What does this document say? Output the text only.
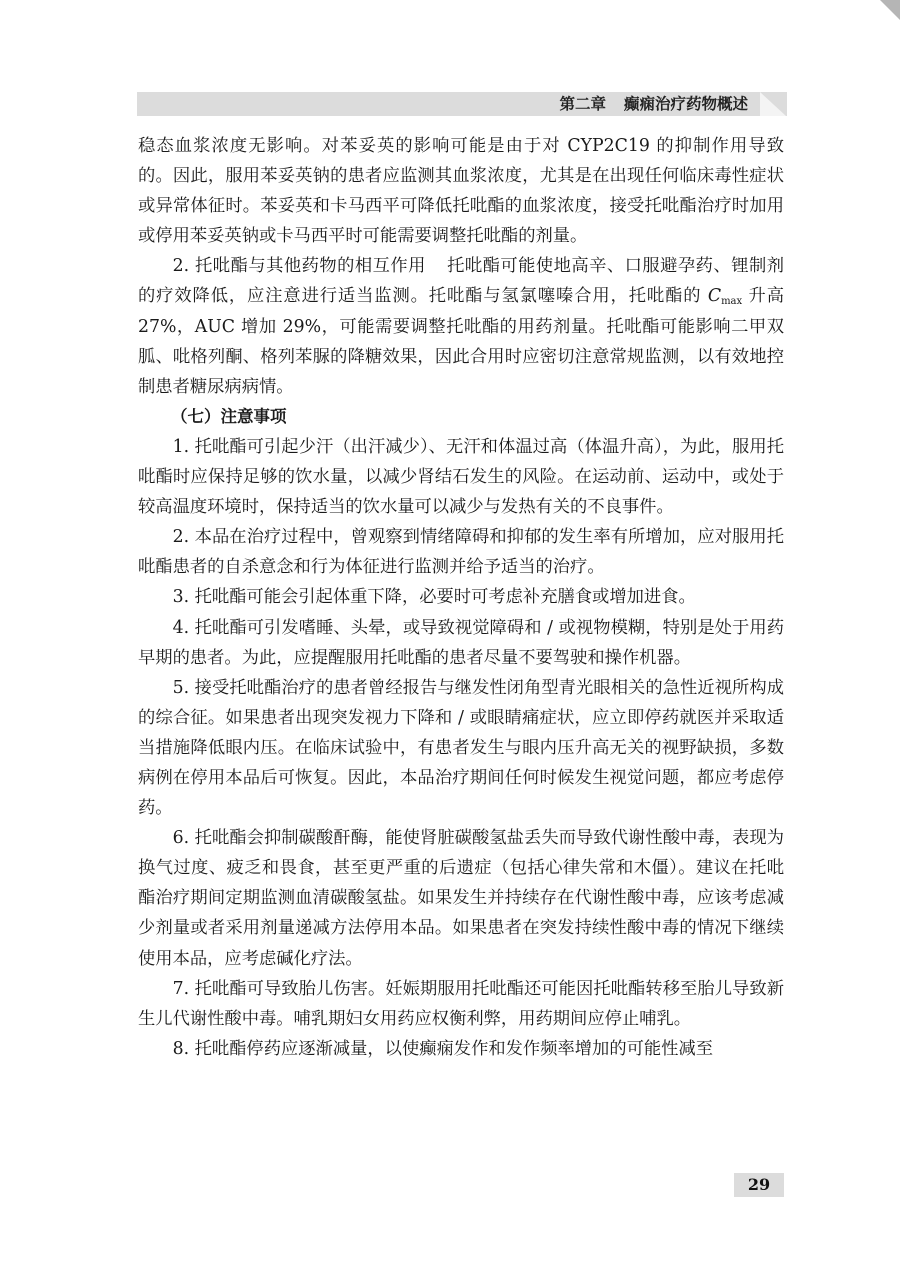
第二章 癫痫治疗药物概述

稳态血浆浓度无影响。对苯妥英的影响可能是由于对 CYP2C19 的抑制作用导致的。因此，服用苯妥英钠的患者应监测其血浆浓度，尤其是在出现任何临床毒性症状或异常体征时。苯妥英和卡马西平可降低托吡酯的血浆浓度，接受托吡酯治疗时加用或停用苯妥英钠或卡马西平时可能需要调整托吡酯的剂量。

2. 托吡酯与其他药物的相互作用 托吡酯可能使地高辛、口服避孕药、锂制剂的疗效降低，应注意进行适当监测。托吡酯与氢氯噻嗪合用，托吡酯的 $C_{max}$ 升高 27%，AUC 增加 29%，可能需要调整托吡酯的用药剂量。托吡酯可能影响二甲双胍、吡格列酮、格列苯脲的降糖效果，因此合用时应密切注意常规监测，以有效地控制患者糖尿病病情。

（七）注意事项

1. 托吡酯可引起少汗（出汗减少）、无汗和体温过高（体温升高），为此，服用托吡酯时应保持足够的饮水量，以减少肾结石发生的风险。在运动前、运动中，或处于较高温度环境时，保持适当的饮水量可以减少与发热有关的不良事件。

2. 本品在治疗过程中，曾观察到情绪障碍和抑郁的发生率有所增加，应对服用托吡酯患者的自杀意念和行为体征进行监测并给予适当的治疗。

3. 托吡酯可能会引起体重下降，必要时可考虑补充膳食或增加进食。

4. 托吡酯可引发嗜睡、头晕，或导致视觉障碍和 / 或视物模糊，特别是处于用药早期的患者。为此，应提醒服用托吡酯的患者尽量不要驾驶和操作机器。

5. 接受托吡酯治疗的患者曾经报告与继发性闭角型青光眼相关的急性近视所构成的综合征。如果患者出现突发视力下降和 / 或眼睛痛症状，应立即停药就医并采取适当措施降低眼内压。在临床试验中，有患者发生与眼内压升高无关的视野缺损，多数病例在停用本品后可恢复。因此，本品治疗期间任何时候发生视觉问题，都应考虑停药。

6. 托吡酯会抑制碳酸酐酶，能使肾脏碳酸氢盐丢失而导致代谢性酸中毒，表现为换气过度、疲乏和畏食，甚至更严重的后遗症（包括心律失常和木僵）。建议在托吡酯治疗期间定期监测血清碳酸氢盐。如果发生并持续存在代谢性酸中毒，应该考虑减少剂量或者采用剂量递减方法停用本品。如果患者在突发持续性酸中毒的情况下继续使用本品，应考虑碱化疗法。

7. 托吡酯可导致胎儿伤害。妊娠期服用托吡酯还可能因托吡酯转移至胎儿导致新生儿代谢性酸中毒。哺乳期妇女用药应权衡利弊，用药期间应停止哺乳。

8. 托吡酯停药应逐渐减量，以使癫痫发作和发作频率增加的可能性减至

29
